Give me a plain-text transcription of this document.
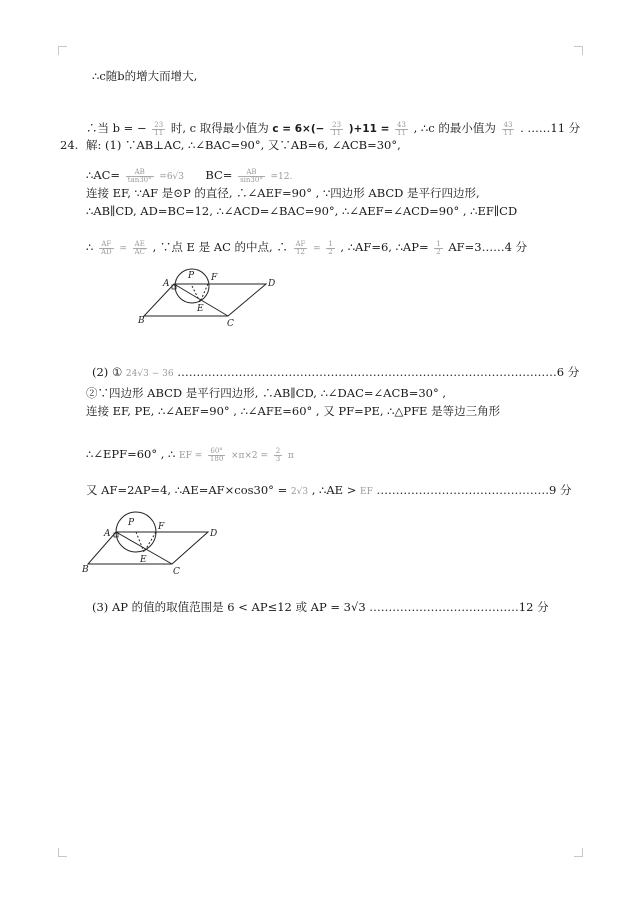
∴c随b的增大而增大,
∴当 b = − $\frac{23}{11}$ 时, c 取得最小值为 $c = 6\times(- \frac{23}{11} )+11 = \frac{43}{11}$ , ∴c 的最小值为 $\frac{43}{11}$ . ……11 分
24. 解: (1) ∵AB⊥AC, ∴∠BAC=90°, 又∵AB=6, ∠ACB=30°,
∴AC= $\frac{AB}{\tan 30^\circ} =6√3$ $BC= \frac{AB}{\sin 30^\circ} =12$.
连接 EF, ∵AF 是⊙P 的直径, ∴∠AEF=90° , ∵四边形 ABCD 是平行四边形,
∴AB∥CD, AD=BC=12, ∴∠ACD=∠BAC=90°, ∴∠AEF=∠ACD=90° , ∴EF∥CD
∴ $\frac{AF}{AD} = \frac{AE}{AC}$ , ∵点 E 是 AC 的中点, ∴ $\frac{AF}{12} = \frac{1}{2}$ , ∴AF=6, ∴AP= $\frac{1}{2}$ AF=3……4 分
A
P F
D
E
B	C
(2) ① 24√3 − 36 ………………………………………………………………………………………6 分
②∵四边形 ABCD 是平行四边形, ∴AB∥CD, ∴∠DAC=∠ACB=30° ,
连接 EF, PE, ∴∠AEF=90° , ∴∠AFE=60° , 又 PF=PE, ∴△PFE 是等边三角形
∴∠EPF=60° , ∴ EF = $\frac{60^\circ}{180} \times\pi\times 2 = \frac{2}{3}$ π
又 AF=2AP=4, ∴AE=AF×cos30° = 2√3 , ∴AE > EF ………………………………………9 分
A
P	F
D
E
B	C
(3) AP 的值的取值范围是 6 < AP≤12 或 AP = 3√3 …………………………………12 分
